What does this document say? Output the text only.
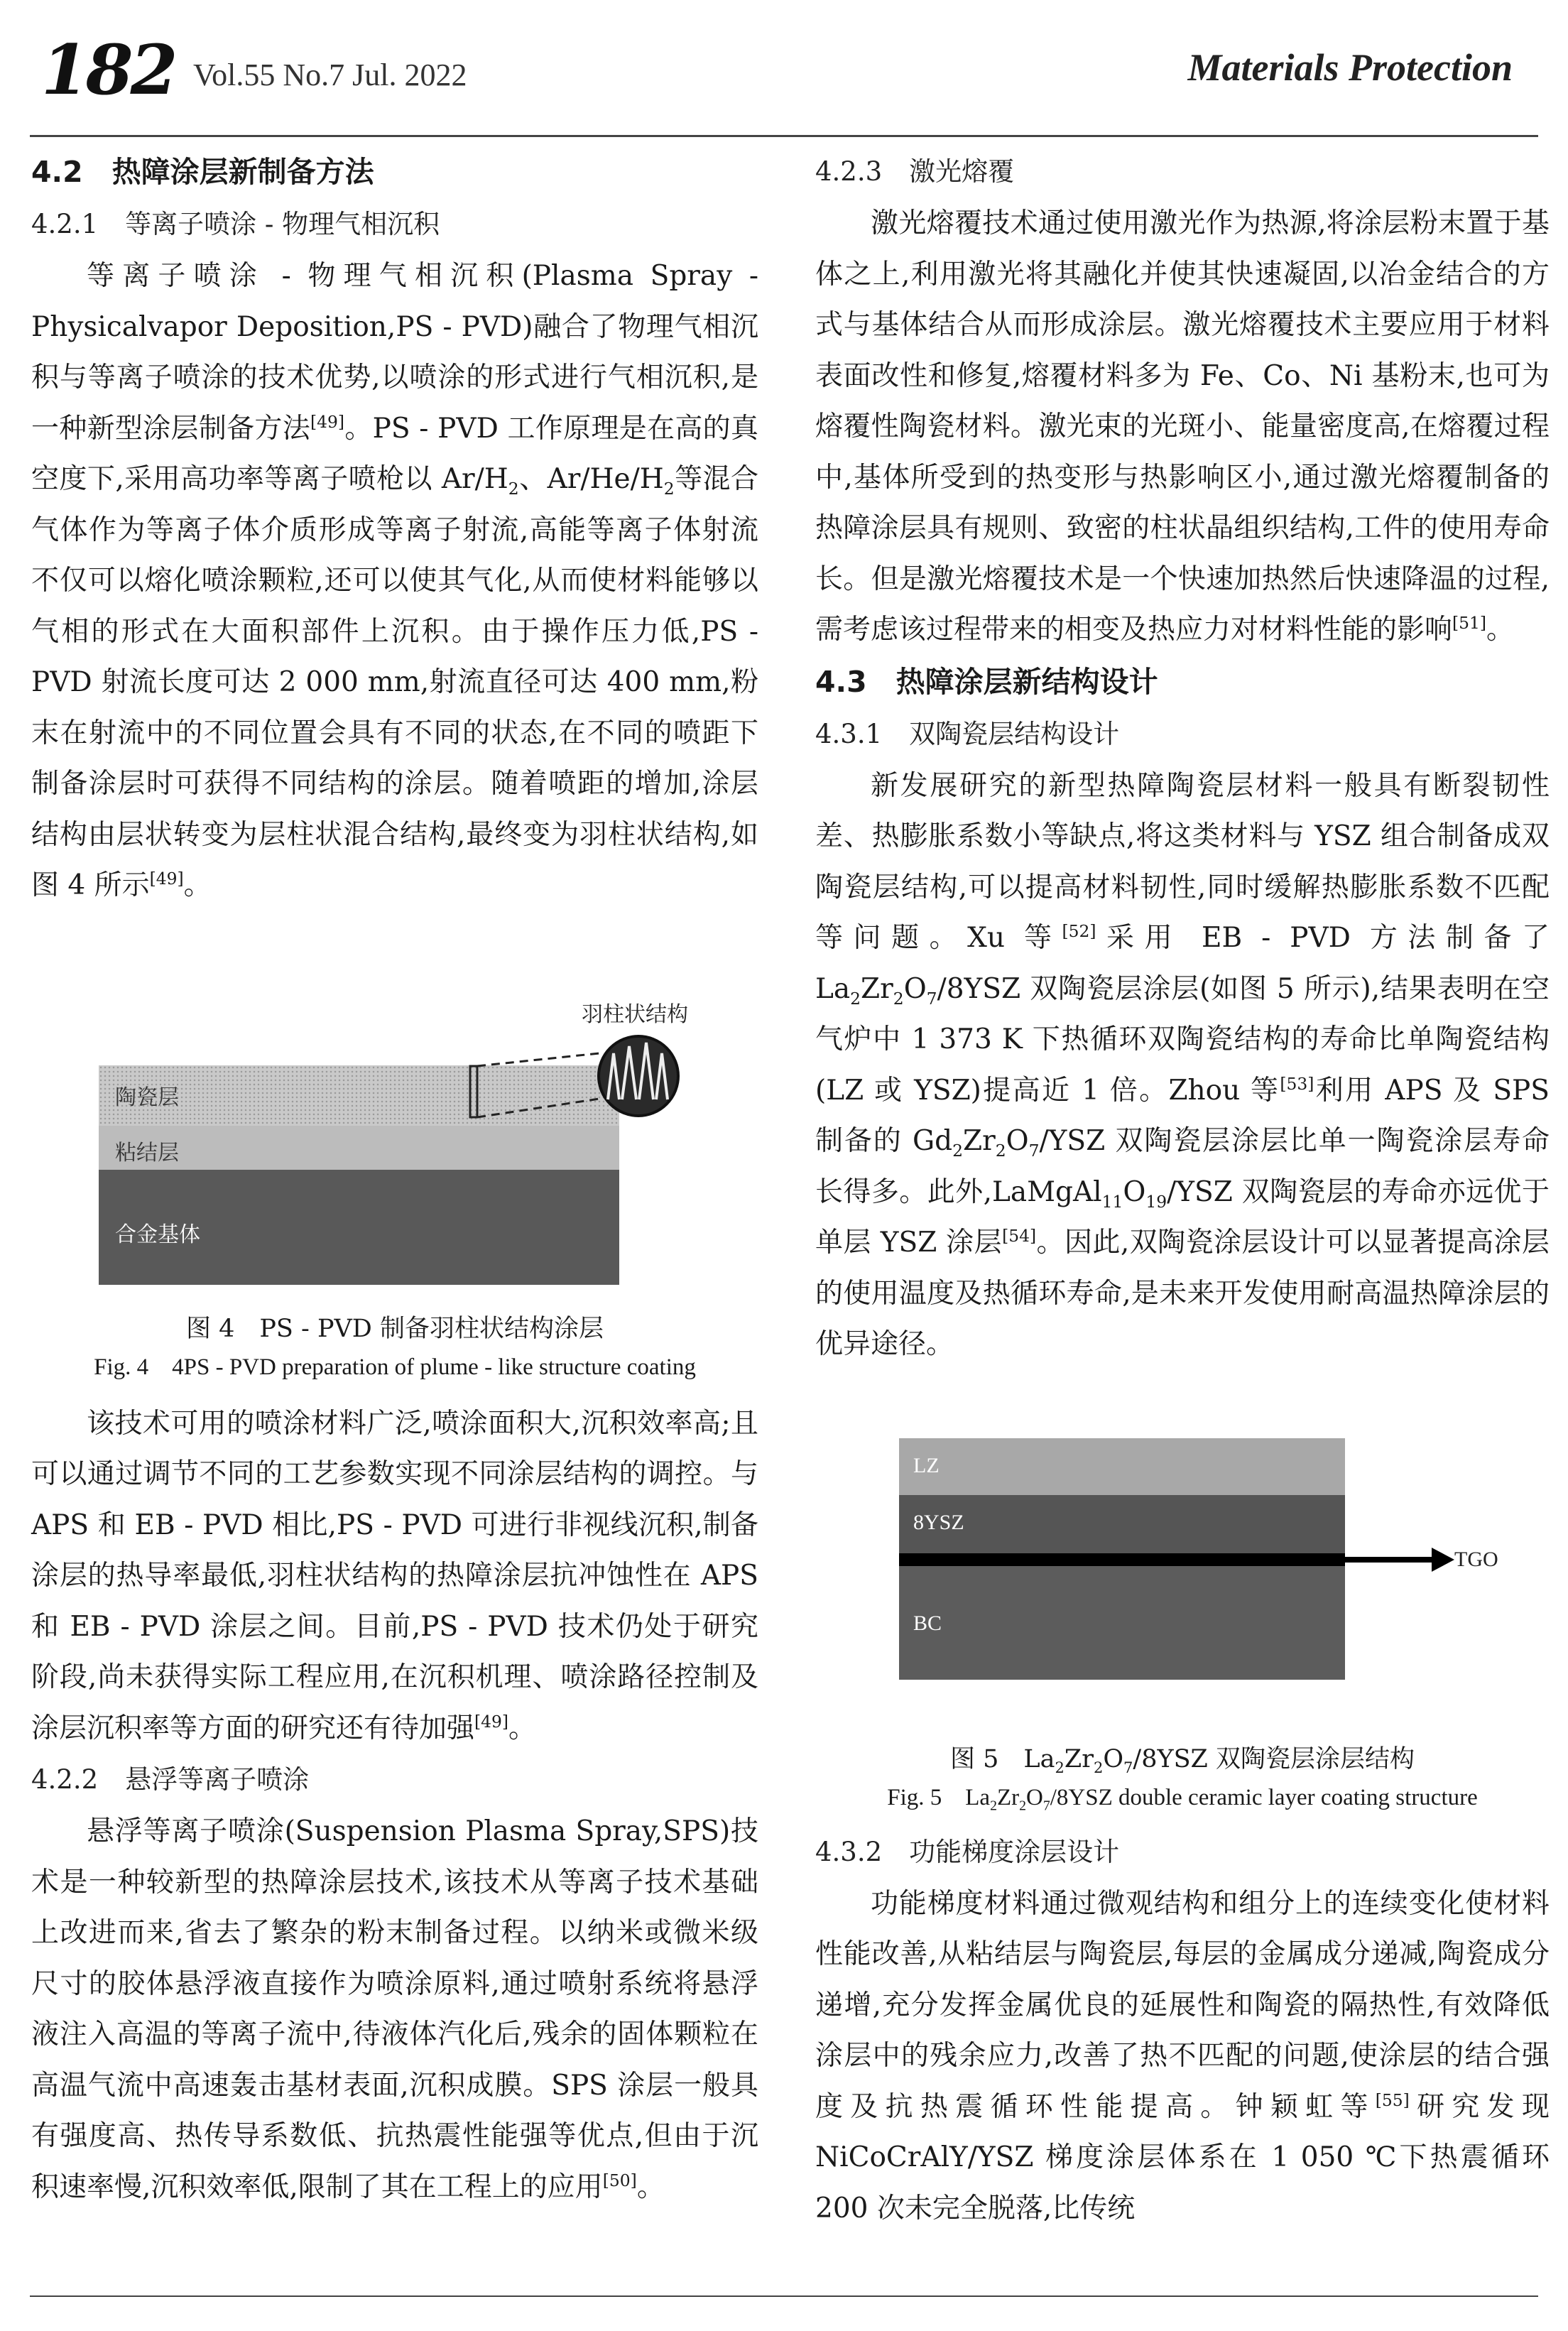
182 Vol.55 No.7 Jul. 2022	Materials Protection

4.2　热障涂层新制备方法

4.2.1 等离子喷涂 - 物理气相沉积

等离子喷涂 - 物理气相沉积(Plasma Spray - Physicalvapor Deposition,PS - PVD)融合了物理气相沉积与等离子喷涂的技术优势,以喷涂的形式进行气相沉积,是一种新型涂层制备方法[49]。PS - PVD 工作原理是在高的真空度下,采用高功率等离子喷枪以 $Ar/H_2$、$Ar/He/H_2$等混合气体作为等离子体介质形成等离子射流,高能等离子体射流不仅可以熔化喷涂颗粒,还可以使其气化,从而使材料能够以气相的形式在大面积部件上沉积。由于操作压力低,PS - PVD 射流长度可达 2 000 mm,射流直径可达 400 mm,粉末在射流中的不同位置会具有不同的状态,在不同的喷距下制备涂层时可获得不同结构的涂层。随着喷距的增加,涂层结构由层状转变为层柱状混合结构,最终变为羽柱状结构,如图 4 所示[49]。

陶瓷层
粘结层
合金基体
羽柱状结构

图 4　PS - PVD 制备羽柱状结构涂层

Fig. 4　4PS - PVD preparation of plume - like structure coating

该技术可用的喷涂材料广泛,喷涂面积大,沉积效率高;且可以通过调节不同的工艺参数实现不同涂层结构的调控。与 APS 和 EB - PVD 相比,PS - PVD 可进行非视线沉积,制备涂层的热导率最低,羽柱状结构的热障涂层抗冲蚀性在 APS 和 EB - PVD 涂层之间。目前,PS - PVD 技术仍处于研究阶段,尚未获得实际工程应用,在沉积机理、喷涂路径控制及涂层沉积率等方面的研究还有待加强[49]。

4.2.2 悬浮等离子喷涂

悬浮等离子喷涂(Suspension Plasma Spray,SPS)技术是一种较新型的热障涂层技术,该技术从等离子技术基础上改进而来,省去了繁杂的粉末制备过程。以纳米或微米级尺寸的胶体悬浮液直接作为喷涂原料,通过喷射系统将悬浮液注入高温的等离子流中,待液体汽化后,残余的固体颗粒在高温气流中高速轰击基材表面,沉积成膜。SPS 涂层一般具有强度高、热传导系数低、抗热震性能强等优点,但由于沉积速率慢,沉积效率低,限制了其在工程上的应用[50]。

4.2.3 激光熔覆

激光熔覆技术通过使用激光作为热源,将涂层粉末置于基体之上,利用激光将其融化并使其快速凝固,以冶金结合的方式与基体结合从而形成涂层。激光熔覆技术主要应用于材料表面改性和修复,熔覆材料多为 Fe、Co、Ni 基粉末,也可为熔覆性陶瓷材料。激光束的光斑小、能量密度高,在熔覆过程中,基体所受到的热变形与热影响区小,通过激光熔覆制备的热障涂层具有规则、致密的柱状晶组织结构,工件的使用寿命长。但是激光熔覆技术是一个快速加热然后快速降温的过程,需考虑该过程带来的相变及热应力对材料性能的影响[51]。

4.3　热障涂层新结构设计

4.3.1 双陶瓷层结构设计

新发展研究的新型热障陶瓷层材料一般具有断裂韧性差、热膨胀系数小等缺点,将这类材料与 YSZ 组合制备成双陶瓷层结构,可以提高材料韧性,同时缓解热膨胀系数不匹配等问题。Xu 等[52]采用 EB - PVD 方法制备了 $La_2Zr_2O_7/8YSZ$ 双陶瓷层涂层(如图 5 所示),结果表明在空气炉中 1 373 K 下热循环双陶瓷结构的寿命比单陶瓷结构(LZ 或 YSZ)提高近 1 倍。Zhou 等[53]利用 APS 及 SPS 制备的 $Gd_2Zr_2O_7$/YSZ 双陶瓷层涂层比单一陶瓷涂层寿命长得多。此外$,LaMgAl_{11}O_{19}$/YSZ 双陶瓷层的寿命亦远优于单层 YSZ 涂层[54]。因此,双陶瓷涂层设计可以显著提高涂层的使用温度及热循环寿命,是未来开发使用耐高温热障涂层的优异途径。

LZ
8YSZ
BC
TGO

图 5　$La_2Zr_2O_7/8YSZ$ 双陶瓷层涂层结构

Fig. 5　$La_2Zr_2O_7/8YSZ$ double ceramic layer coating structure

4.3.2 功能梯度涂层设计

功能梯度材料通过微观结构和组分上的连续变化使材料性能改善,从粘结层与陶瓷层,每层的金属成分递减,陶瓷成分递增,充分发挥金属优良的延展性和陶瓷的隔热性,有效降低涂层中的残余应力,改善了热不匹配的问题,使涂层的结合强度及抗热震循环性能提高。钟颖虹等[55]研究发现 NiCoCrAlY/YSZ 梯度涂层体系在 1 050 ℃下热震循环 200 次未完全脱落,比传统
